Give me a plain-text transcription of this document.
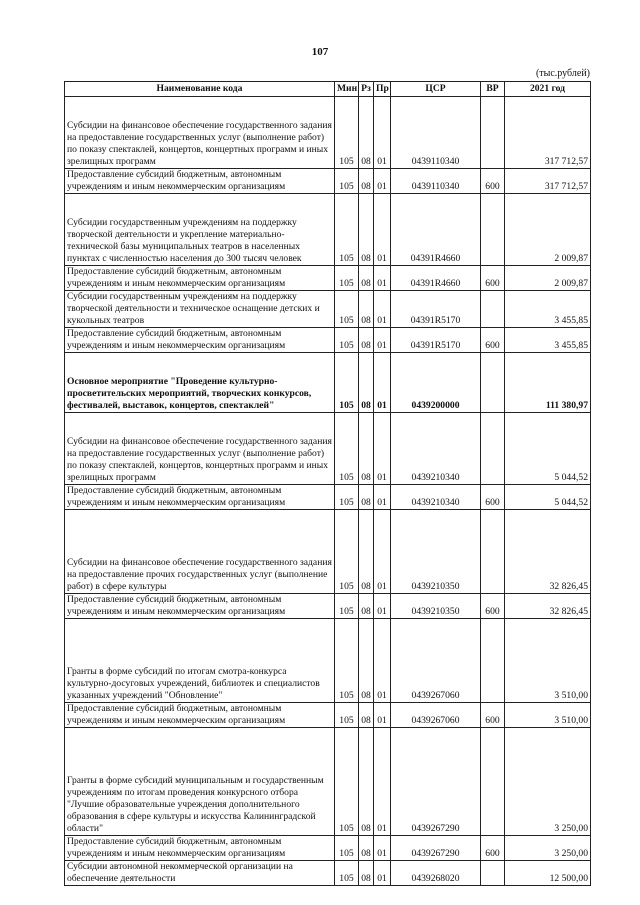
107
(тыс.рублей)
Наименование кода	Мин	Рз	Пр	ЦСР	ВР	2021 год
Субсидии на финансовое обеспечение государственного задания на предоставление государственных услуг (выполнение работ) по показу спектаклей, концертов, концертных программ и иных зрелищных программ	105	08	01	0439110340		317 712,57
Предоставление субсидий бюджетным, автономным учреждениям и иным некоммерческим организациям	105	08	01	0439110340	600	317 712,57
Субсидии государственным учреждениям на поддержку творческой деятельности и укрепление материально-технической базы муниципальных театров в населенных пунктах с численностью населения до 300 тысяч человек	105	08	01	04391R4660		2 009,87
Предоставление субсидий бюджетным, автономным учреждениям и иным некоммерческим организациям	105	08	01	04391R4660	600	2 009,87
Субсидии государственным учреждениям на поддержку творческой деятельности и техническое оснащение детских и кукольных театров	105	08	01	04391R5170		3 455,85
Предоставление субсидий бюджетным, автономным учреждениям и иным некоммерческим организациям	105	08	01	04391R5170	600	3 455,85
Основное мероприятие "Проведение культурно-просветительских мероприятий, творческих конкурсов, фестивалей, выставок, концертов, спектаклей"	105	08	01	0439200000		111 380,97
Субсидии на финансовое обеспечение государственного задания на предоставление государственных услуг (выполнение работ) по показу спектаклей, концертов, концертных программ и иных зрелищных программ	105	08	01	0439210340		5 044,52
Предоставление субсидий бюджетным, автономным учреждениям и иным некоммерческим организациям	105	08	01	0439210340	600	5 044,52
Субсидии на финансовое обеспечение государственного задания на предоставление прочих государственных услуг (выполнение работ) в сфере культуры	105	08	01	0439210350		32 826,45
Предоставление субсидий бюджетным, автономным учреждениям и иным некоммерческим организациям	105	08	01	0439210350	600	32 826,45
Гранты в форме субсидий по итогам смотра-конкурса культурно-досуговых учреждений, библиотек и специалистов указанных учреждений "Обновление"	105	08	01	0439267060		3 510,00
Предоставление субсидий бюджетным, автономным учреждениям и иным некоммерческим организациям	105	08	01	0439267060	600	3 510,00
Гранты в форме субсидий муниципальным и государственным учреждениям по итогам проведения конкурсного отбора "Лучшие образовательные учреждения дополнительного образования в сфере культуры и искусства Калининградской области"	105	08	01	0439267290		3 250,00
Предоставление субсидий бюджетным, автономным учреждениям и иным некоммерческим организациям	105	08	01	0439267290	600	3 250,00
Субсидии автономной некоммерческой организации на обеспечение деятельности	105	08	01	0439268020		12 500,00
